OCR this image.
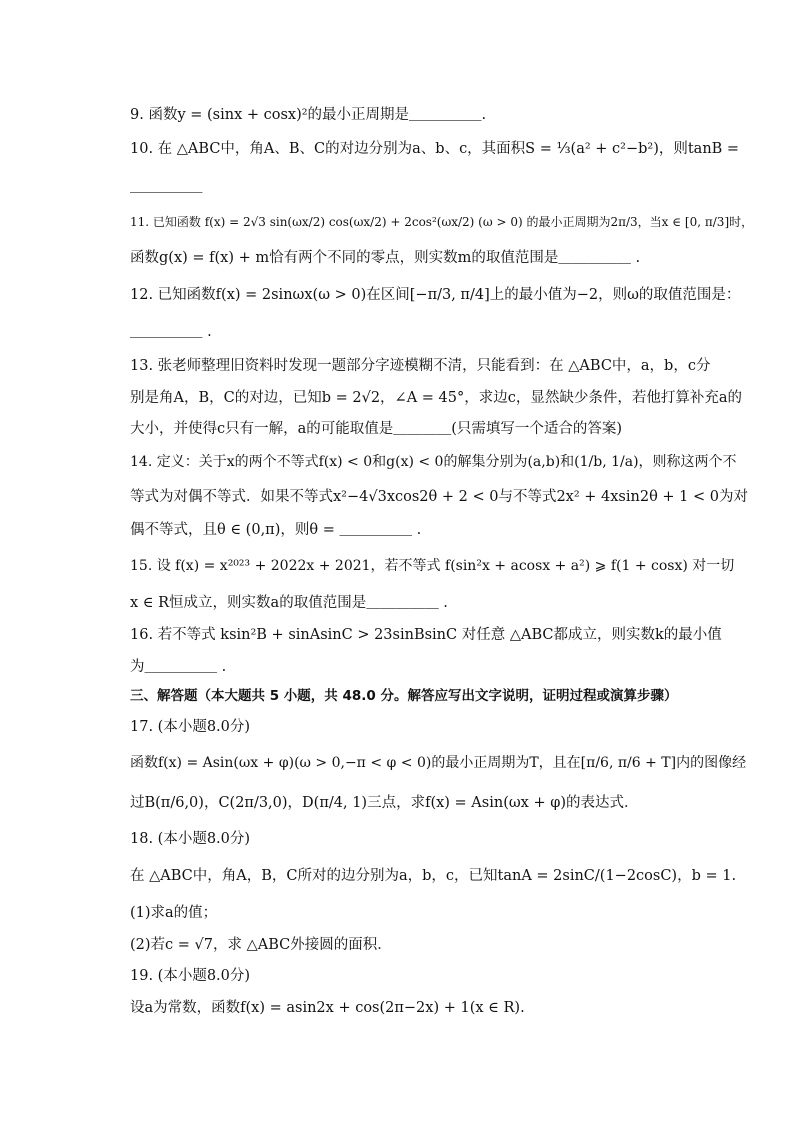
9. 函数y = (sinx + cosx)²的最小正周期是＿＿＿＿＿.
10. 在 △ABC中，角A、B、C的对边分别为a、b、c，其面积S = ⅓(a² + c²−b²)，则tanB =
＿＿＿＿＿
11. 已知函数 f(x) = 2√3 sin(ωx/2) cos(ωx/2) + 2cos²(ωx/2) (ω > 0) 的最小正周期为2π/3，当x ∈ [0, π/3]时，
函数g(x) = f(x) + m恰有两个不同的零点，则实数m的取值范围是＿＿＿＿＿ .
12. 已知函数f(x) = 2sinωx(ω > 0)在区间[−π/3, π/4]上的最小值为−2，则ω的取值范围是：
＿＿＿＿＿ .
13. 张老师整理旧资料时发现一题部分字迹模糊不清，只能看到：在 △ABC中，a，b，c分
别是角A，B，C的对边，已知b = 2√2，∠A = 45°，求边c，显然缺少条件，若他打算补充a的
大小，并使得c只有一解，a的可能取值是＿＿＿＿(只需填写一个适合的答案)
14. 定义：关于x的两个不等式f(x) < 0和g(x) < 0的解集分别为(a,b)和(1/b, 1/a)，则称这两个不
等式为对偶不等式．如果不等式x²−4√3xcos2θ + 2 < 0与不等式2x² + 4xsin2θ + 1 < 0为对
偶不等式，且θ ∈ (0,π)，则θ = ＿＿＿＿＿ .
15. 设 f(x) = x²⁰²³ + 2022x + 2021，若不等式 f(sin²x + acosx + a²) ⩾ f(1 + cosx) 对一切
x ∈ R恒成立，则实数a的取值范围是＿＿＿＿＿ .
16. 若不等式 ksin²B + sinAsinC > 23sinBsinC 对任意 △ABC都成立，则实数k的最小值
为＿＿＿＿＿ .
三、解答题（本大题共 5 小题，共 48.0 分。解答应写出文字说明，证明过程或演算步骤）
17. (本小题8.0分)
函数f(x) = Asin(ωx + φ)(ω > 0,−π < φ < 0)的最小正周期为T，且在[π/6, π/6 + T]内的图像经
过B(π/6,0)，C(2π/3,0)，D(π/4, 1)三点，求f(x) = Asin(ωx + φ)的表达式．
18. (本小题8.0分)
在 △ABC中，角A，B，C所对的边分别为a，b，c，已知tanA = 2sinC/(1−2cosC)，b = 1.
(1)求a的值；
(2)若c = √7，求 △ABC外接圆的面积．
19. (本小题8.0分)
设a为常数，函数f(x) = asin2x + cos(2π−2x) + 1(x ∈ R).
